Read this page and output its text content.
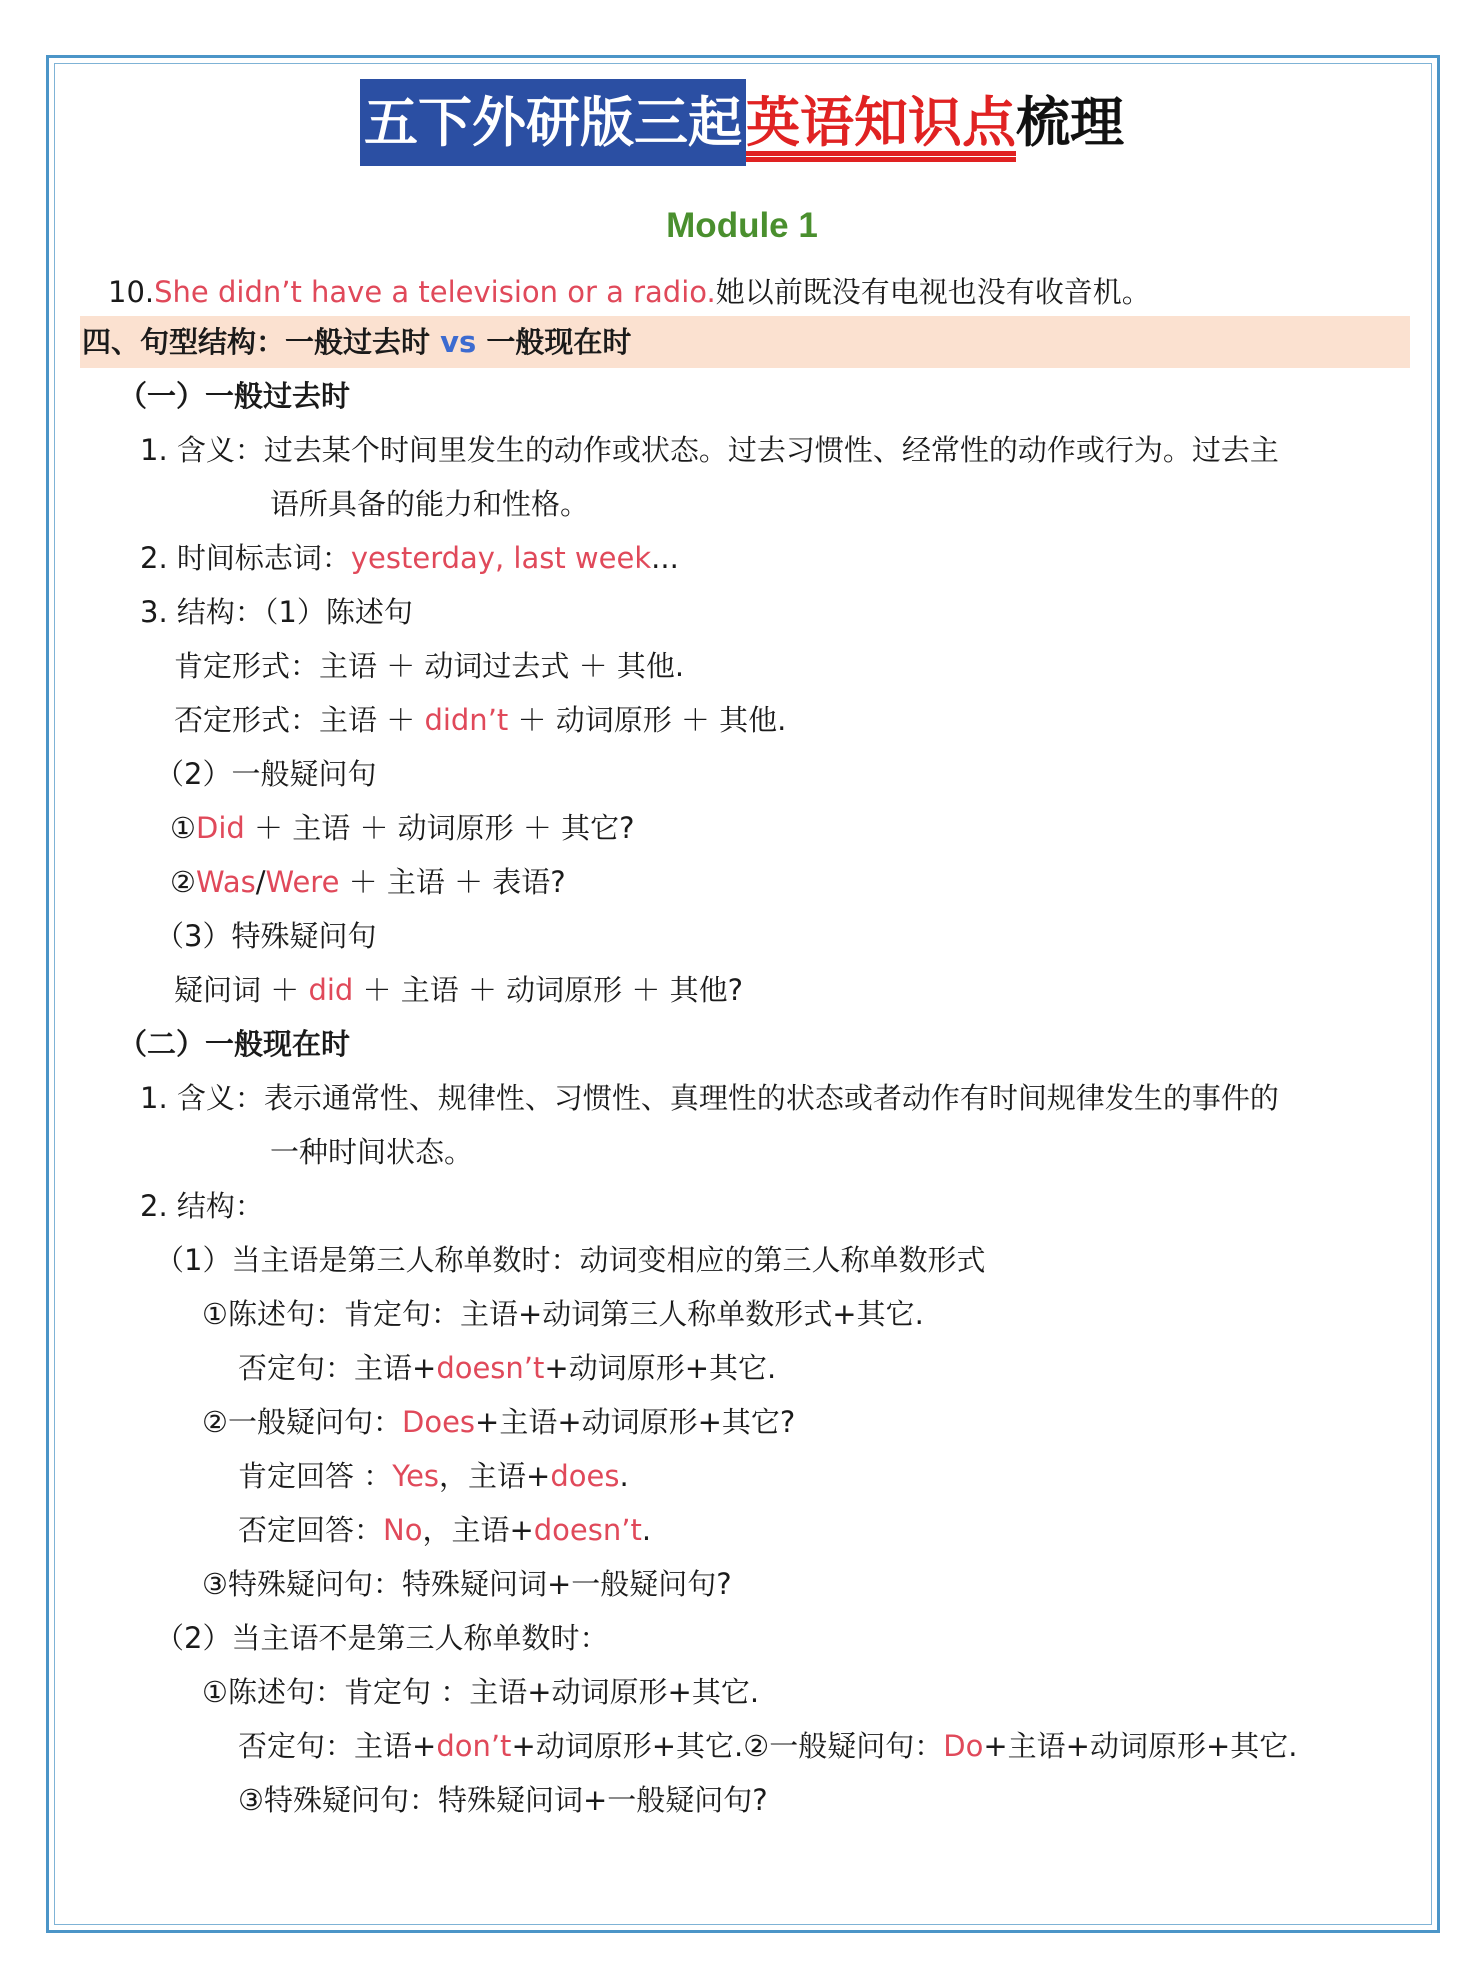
五下外研版三起英语知识点梳理
Module 1
10.She didn’t have a television or a radio.她以前既没有电视也没有收音机。
四、句型结构：一般过去时 vs 一般现在时
（一）一般过去时
1. 含义：过去某个时间里发生的动作或状态。过去习惯性、经常性的动作或行为。过去主
语所具备的能力和性格。
2. 时间标志词：yesterday, last week...
3. 结构：（1）陈述句
肯定形式：主语 ＋ 动词过去式 ＋ 其他.
否定形式：主语 ＋ didn’t ＋ 动词原形 ＋ 其他.
（2）一般疑问句
①Did ＋ 主语 ＋ 动词原形 ＋ 其它?
②Was/Were ＋ 主语 ＋ 表语?
（3）特殊疑问句
疑问词 ＋ did ＋ 主语 ＋ 动词原形 ＋ 其他?
（二）一般现在时
1. 含义：表示通常性、规律性、习惯性、真理性的状态或者动作有时间规律发生的事件的
一种时间状态。
2. 结构：
（1）当主语是第三人称单数时：动词变相应的第三人称单数形式
①陈述句：肯定句：主语+动词第三人称单数形式+其它.
否定句：主语+doesn’t+动词原形+其它.
②一般疑问句：Does+主语+动词原形+其它?
肯定回答 ：Yes，主语+does.
否定回答：No，主语+doesn’t.
③特殊疑问句：特殊疑问词+一般疑问句?
（2）当主语不是第三人称单数时：
①陈述句：肯定句 ：主语+动词原形+其它.
否定句：主语+don’t+动词原形+其它.②一般疑问句：Do+主语+动词原形+其它.
③特殊疑问句：特殊疑问词+一般疑问句?
